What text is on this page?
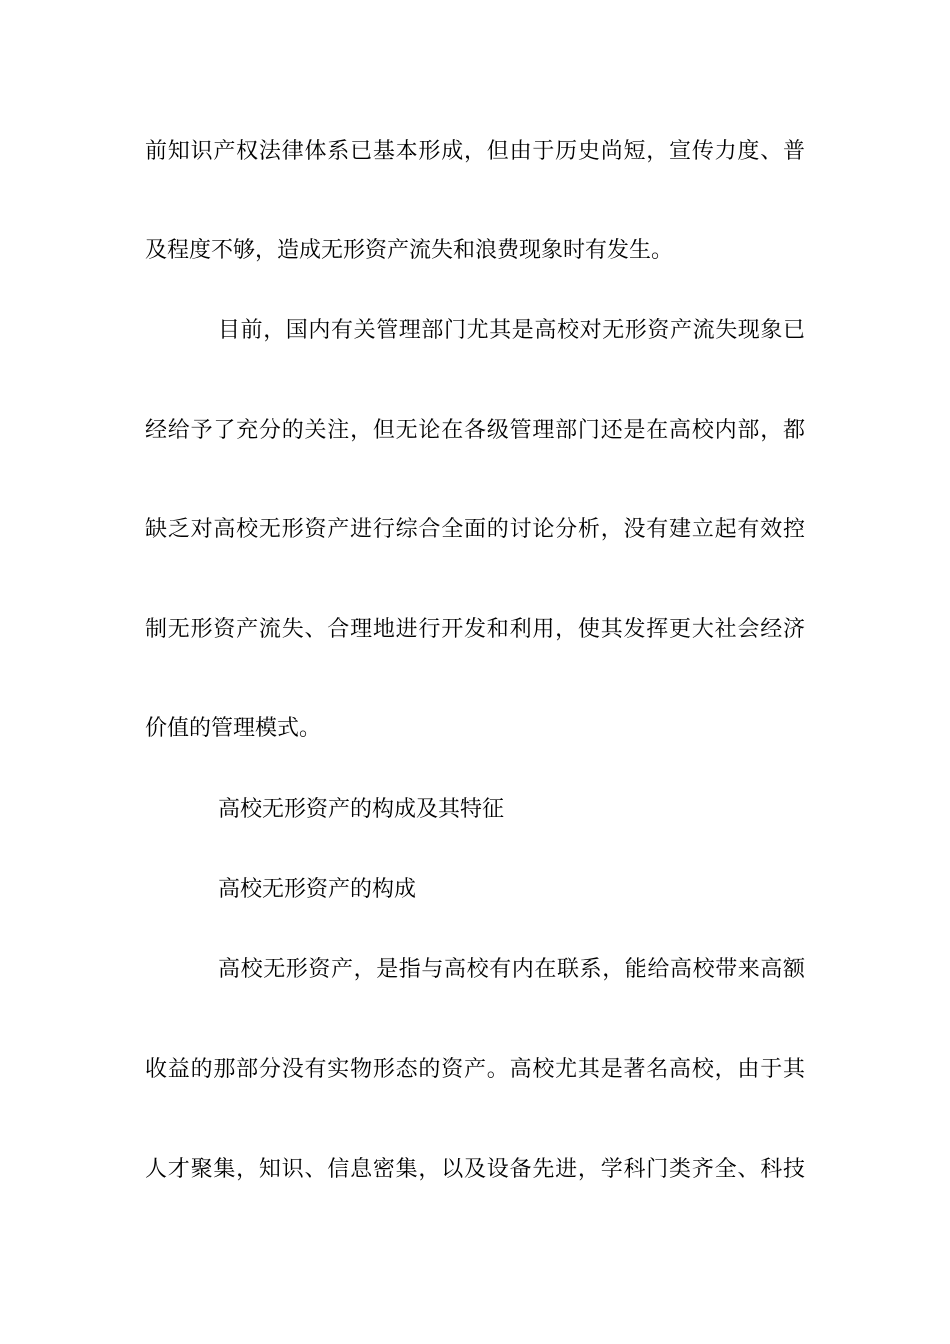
前知识产权法律体系已基本形成，但由于历史尚短，宣传力度、普
及程度不够，造成无形资产流失和浪费现象时有发生。
目前，国内有关管理部门尤其是高校对无形资产流失现象已
经给予了充分的关注，但无论在各级管理部门还是在高校内部，都
缺乏对高校无形资产进行综合全面的讨论分析，没有建立起有效控
制无形资产流失、合理地进行开发和利用，使其发挥更大社会经济
价值的管理模式。
高校无形资产的构成及其特征
高校无形资产的构成
高校无形资产，是指与高校有内在联系，能给高校带来高额
收益的那部分没有实物形态的资产。高校尤其是著名高校，由于其
人才聚集，知识、信息密集，以及设备先进，学科门类齐全、科技
